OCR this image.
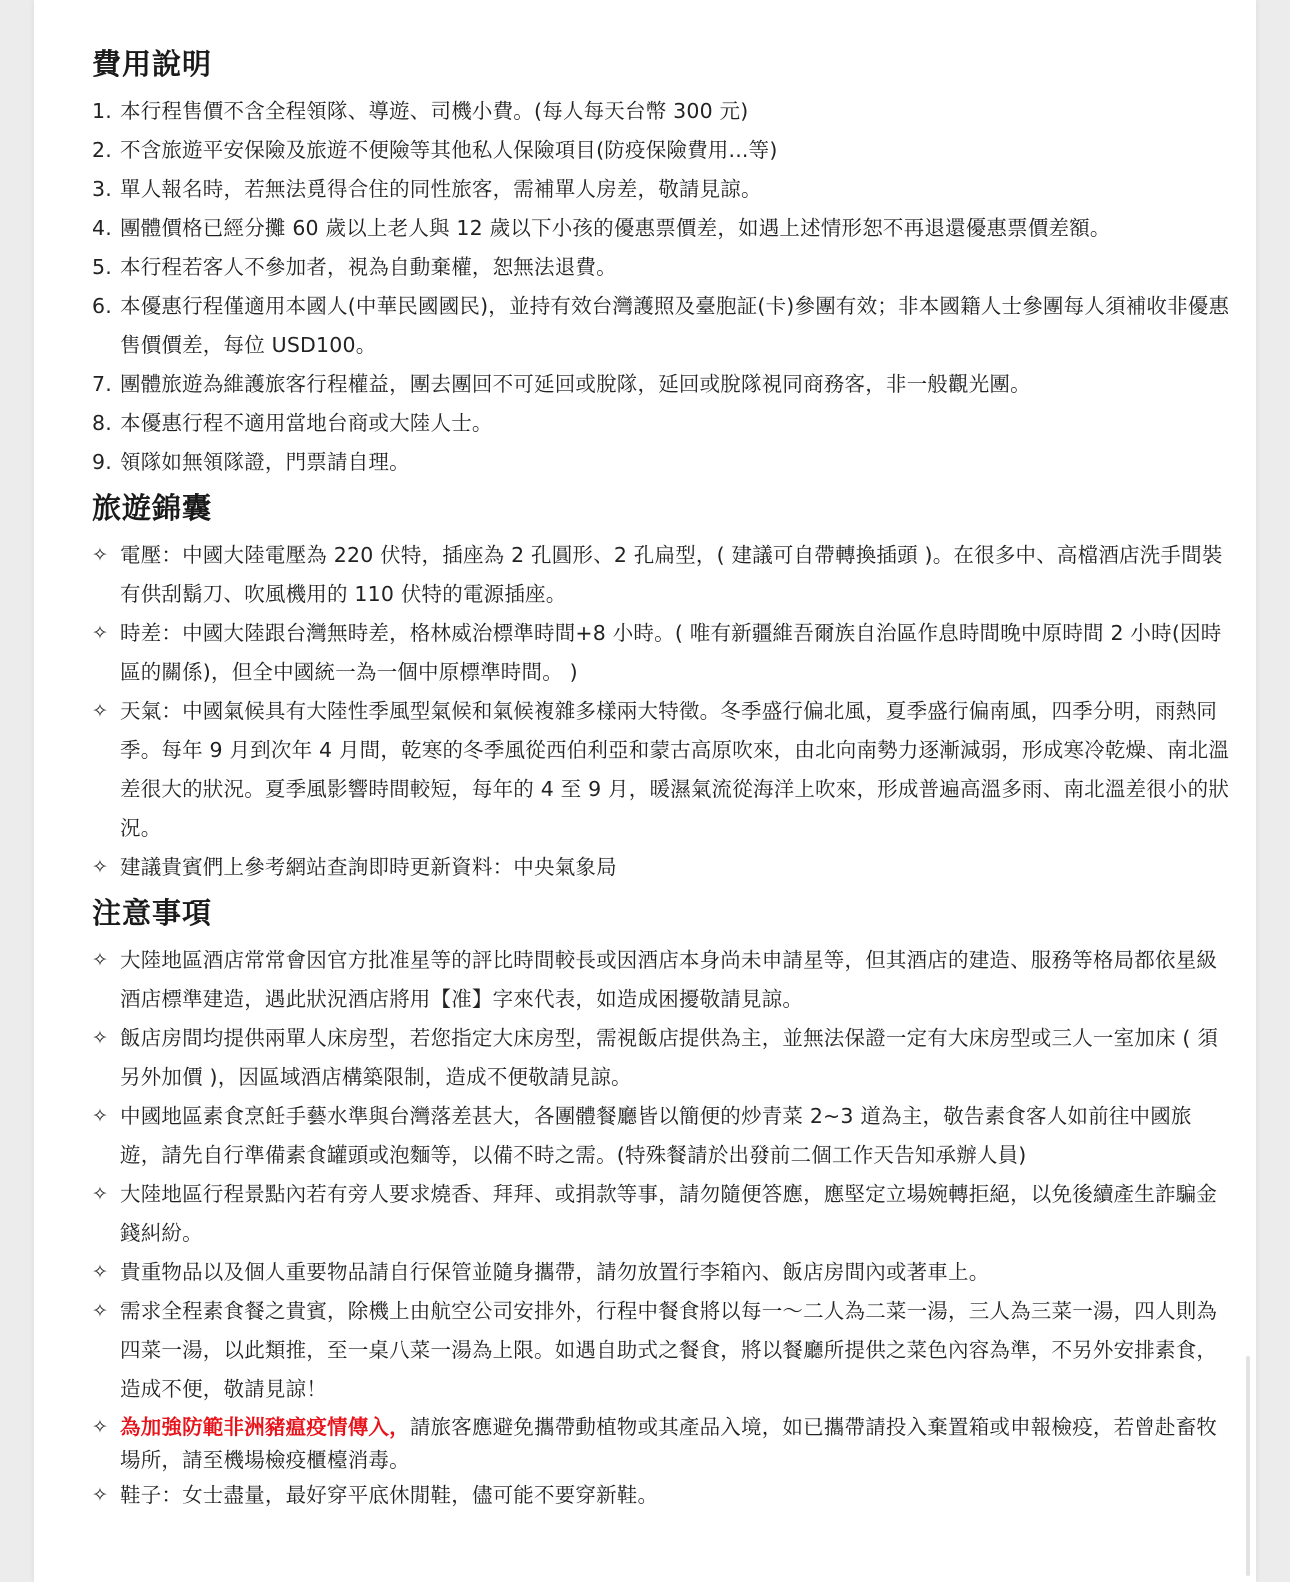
費用說明
1. 本行程售價不含全程領隊、導遊、司機小費。(每人每天台幣 300 元)
2. 不含旅遊平安保險及旅遊不便險等其他私人保險項目(防疫保險費用...等)
3. 單人報名時，若無法覓得合住的同性旅客，需補單人房差，敬請見諒。
4. 團體價格已經分攤 60 歲以上老人與 12 歲以下小孩的優惠票價差，如遇上述情形恕不再退還優惠票價差額。
5. 本行程若客人不參加者，視為自動棄權，恕無法退費。
6. 本優惠行程僅適用本國人(中華民國國民)，並持有效台灣護照及臺胞証(卡)參團有效；非本國籍人士參團每人須補收非優惠售價價差，每位 USD100。
7. 團體旅遊為維護旅客行程權益，團去團回不可延回或脫隊，延回或脫隊視同商務客，非一般觀光團。
8. 本優惠行程不適用當地台商或大陸人士。
9. 領隊如無領隊證，門票請自理。
旅遊錦囊
✧ 電壓：中國大陸電壓為 220 伏特，插座為 2 孔圓形、2 孔扁型，( 建議可自帶轉換插頭 )。在很多中、高檔酒店洗手間裝有供刮鬍刀、吹風機用的 110 伏特的電源插座。
✧ 時差：中國大陸跟台灣無時差，格林威治標準時間+8 小時。( 唯有新疆維吾爾族自治區作息時間晚中原時間 2 小時(因時區的關係)，但全中國統一為一個中原標準時間。 )
✧ 天氣：中國氣候具有大陸性季風型氣候和氣候複雜多樣兩大特徵。冬季盛行偏北風，夏季盛行偏南風，四季分明，雨熱同季。每年 9 月到次年 4 月間，乾寒的冬季風從西伯利亞和蒙古高原吹來，由北向南勢力逐漸減弱，形成寒冷乾燥、南北溫差很大的狀況。夏季風影響時間較短，每年的 4 至 9 月，暖濕氣流從海洋上吹來，形成普遍高溫多雨、南北溫差很小的狀況。
✧ 建議貴賓們上參考網站查詢即時更新資料：中央氣象局
注意事項
✧ 大陸地區酒店常常會因官方批准星等的評比時間較長或因酒店本身尚未申請星等，但其酒店的建造、服務等格局都依星級酒店標準建造，遇此狀況酒店將用【准】字來代表，如造成困擾敬請見諒。
✧ 飯店房間均提供兩單人床房型，若您指定大床房型，需視飯店提供為主，並無法保證一定有大床房型或三人一室加床 ( 須另外加價 )，因區域酒店構築限制，造成不便敬請見諒。
✧ 中國地區素食烹飪手藝水準與台灣落差甚大，各團體餐廳皆以簡便的炒青菜 2~3 道為主，敬告素食客人如前往中國旅遊，請先自行準備素食罐頭或泡麵等，以備不時之需。(特殊餐請於出發前二個工作天告知承辦人員)
✧ 大陸地區行程景點內若有旁人要求燒香、拜拜、或捐款等事，請勿隨便答應，應堅定立場婉轉拒絕，以免後續產生詐騙金錢糾紛。
✧ 貴重物品以及個人重要物品請自行保管並隨身攜帶，請勿放置行李箱內、飯店房間內或著車上。
✧ 需求全程素食餐之貴賓，除機上由航空公司安排外，行程中餐食將以每一～二人為二菜一湯，三人為三菜一湯，四人則為四菜一湯，以此類推，至一桌八菜一湯為上限。如遇自助式之餐食，將以餐廳所提供之菜色內容為準，不另外安排素食，造成不便，敬請見諒！
✧ 為加強防範非洲豬瘟疫情傳入，請旅客應避免攜帶動植物或其產品入境，如已攜帶請投入棄置箱或申報檢疫，若曾赴畜牧場所，請至機場檢疫櫃檯消毒。
✧ 鞋子：女士盡量，最好穿平底休閒鞋，儘可能不要穿新鞋。
